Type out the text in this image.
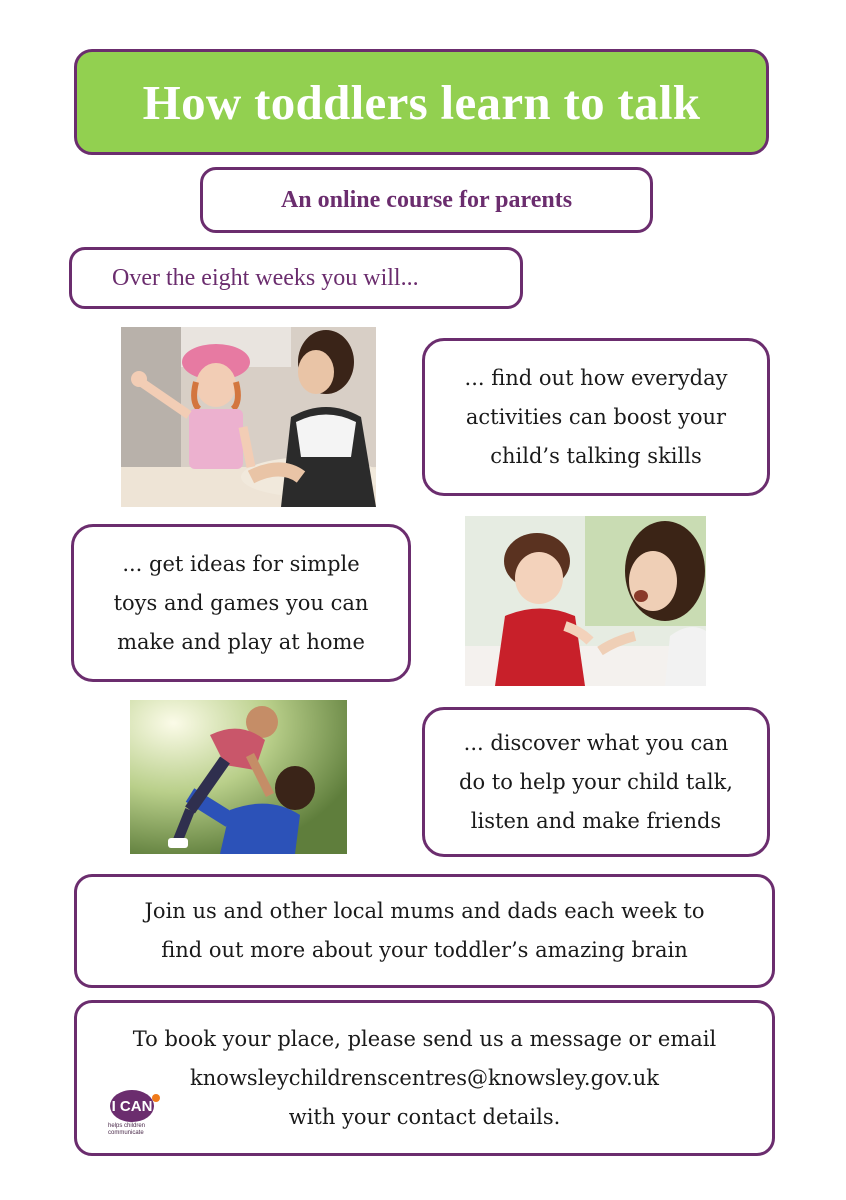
How toddlers learn to talk
An online course for parents
Over the eight weeks you will...
... find out how everyday
activities can boost your
child’s talking skills
... get ideas for simple
toys and games you can
make and play at home
... discover what you can
do to help your child talk,
listen and make friends
Join us and other local mums and dads each week to
find out more about your toddler’s amazing brain
To book your place, please send us a message or email
knowsleychildrenscentres@knowsley.gov.uk
with your contact details.
I CAN
helps children communicate
